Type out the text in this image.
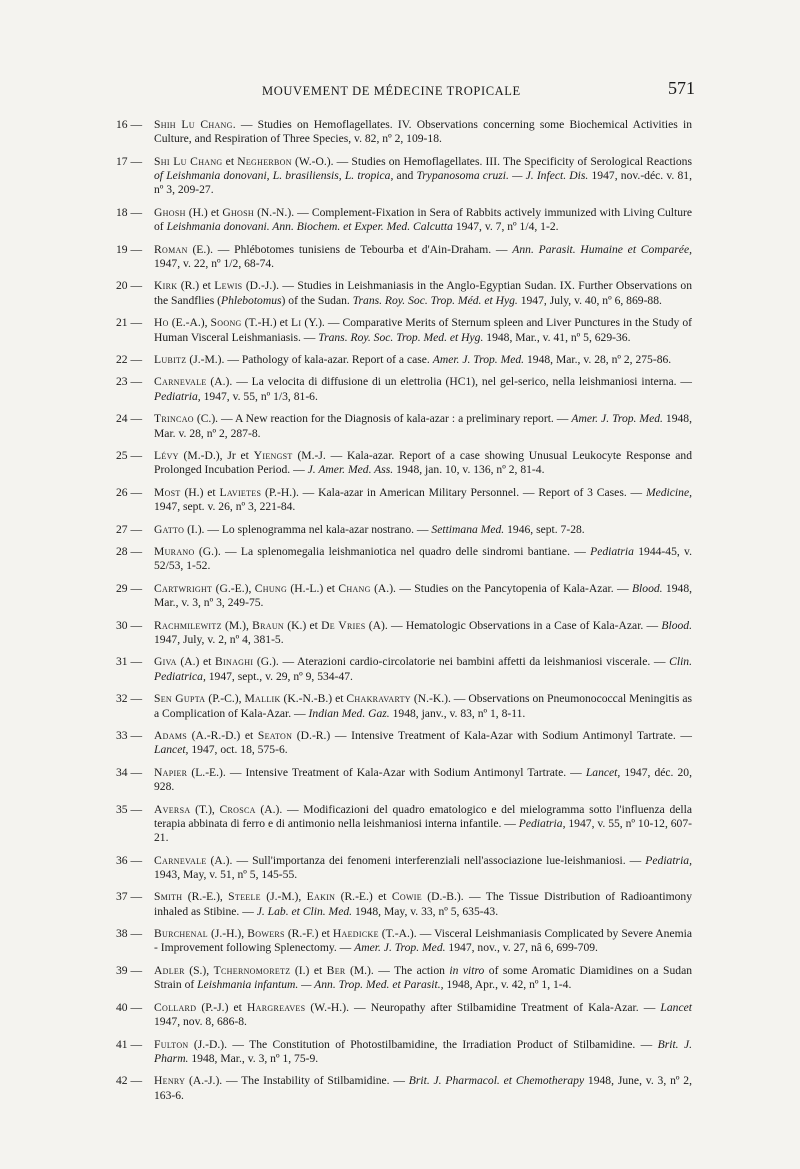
MOUVEMENT DE MÉDECINE TROPICALE	571
16 —	Shih Lu Chang. — Studies on Hemoflagellates. IV. Observations concerning some Biochemical Activities in Culture, and Respiration of Three Species, v. 82, nº 2, 109-18.
17 —	Shi Lu Chang et Negherbon (W.-O.). — Studies on Hemoflagellates. III. The Specificity of Serological Reactions of Leishmania donovani, L. brasiliensis, L. tropica, and Trypanosoma cruzi. — J. Infect. Dis. 1947, nov.-déc. v. 81, nº 3, 209-27.
18 —	Ghosh (H.) et Ghosh (N.-N.). — Complement-Fixation in Sera of Rabbits actively immunized with Living Culture of Leishmania donovani. Ann. Biochem. et Exper. Med. Calcutta 1947, v. 7, nº 1/4, 1-2.
19 —	Roman (E.). — Phlébotomes tunisiens de Tebourba et d'Ain-Draham. — Ann. Parasit. Humaine et Comparée, 1947, v. 22, nº 1/2, 68-74.
20 —	Kirk (R.) et Lewis (D.-J.). — Studies in Leishmaniasis in the Anglo-Egyptian Sudan. IX. Further Observations on the Sandflies (Phlebotomus) of the Sudan. Trans. Roy. Soc. Trop. Méd. et Hyg. 1947, July, v. 40, nº 6, 869-88.
21 —	Ho (E.-A.), Soong (T.-H.) et Li (Y.). — Comparative Merits of Sternum spleen and Liver Punctures in the Study of Human Visceral Leishmaniasis. — Trans. Roy. Soc. Trop. Med. et Hyg. 1948, Mar., v. 41, nº 5, 629-36.
22 —	Lubitz (J.-M.). — Pathology of kala-azar. Report of a case. Amer. J. Trop. Med. 1948, Mar., v. 28, nº 2, 275-86.
23 —	Carnevale (A.). — La velocita di diffusione di un elettrolia (HC1), nel gel-serico, nella leishmaniosi interna. — Pediatria, 1947, v. 55, nº 1/3, 81-6.
24 —	Trincao (C.). — A New reaction for the Diagnosis of kala-azar : a preliminary report. — Amer. J. Trop. Med. 1948, Mar. v. 28, nº 2, 287-8.
25 —	Lévy (M.-D.), Jr et Yiengst (M.-J. — Kala-azar. Report of a case showing Unusual Leukocyte Response and Prolonged Incubation Period. — J. Amer. Med. Ass. 1948, jan. 10, v. 136, nº 2, 81-4.
26 —	Most (H.) et Lavietes (P.-H.). — Kala-azar in American Military Personnel. — Report of 3 Cases. — Medicine, 1947, sept. v. 26, nº 3, 221-84.
27 —	Gatto (I.). — Lo splenogramma nel kala-azar nostrano. — Settimana Med. 1946, sept. 7-28.
28 —	Murano (G.). — La splenomegalia leishmaniotica nel quadro delle sindromi bantiane. — Pediatria 1944-45, v. 52/53, 1-52.
29 —	Cartwright (G.-E.), Chung (H.-L.) et Chang (A.). — Studies on the Pancytopenia of Kala-Azar. — Blood. 1948, Mar., v. 3, nº 3, 249-75.
30 —	Rachmilewitz (M.), Braun (K.) et De Vries (A). — Hematologic Observations in a Case of Kala-Azar. — Blood. 1947, July, v. 2, nº 4, 381-5.
31 —	Giva (A.) et Binaghi (G.). — Aterazioni cardio-circolatorie nei bambini affetti da leishmaniosi viscerale. — Clin. Pediatrica, 1947, sept., v. 29, nº 9, 534-47.
32 —	Sen Gupta (P.-C.), Mallik (K.-N.-B.) et Chakravarty (N.-K.). — Observations on Pneumonococcal Meningitis as a Complication of Kala-Azar. — Indian Med. Gaz. 1948, janv., v. 83, nº 1, 8-11.
33 —	Adams (A.-R.-D.) et Seaton (D.-R.) — Intensive Treatment of Kala-Azar with Sodium Antimonyl Tartrate. — Lancet, 1947, oct. 18, 575-6.
34 —	Napier (L.-E.). — Intensive Treatment of Kala-Azar with Sodium Antimonyl Tartrate. — Lancet, 1947, déc. 20, 928.
35 —	Aversa (T.), Crosca (A.). — Modificazioni del quadro ematologico e del mielogramma sotto l'influenza della terapia abbinata di ferro e di antimonio nella leishmaniosi interna infantile. — Pediatria, 1947, v. 55, nº 10-12, 607-21.
36 —	Carnevale (A.). — Sull'importanza dei fenomeni interferenziali nell'associazione lue-leishmaniosi. — Pediatria, 1943, May, v. 51, nº 5, 145-55.
37 —	Smith (R.-E.), Steele (J.-M.), Eakin (R.-E.) et Cowie (D.-B.). — The Tissue Distribution of Radioantimony inhaled as Stibine. — J. Lab. et Clin. Med. 1948, May, v. 33, nº 5, 635-43.
38 —	Burchenal (J.-H.), Bowers (R.-F.) et Haedicke (T.-A.). — Visceral Leishmaniasis Complicated by Severe Anemia - Improvement following Splenectomy. — Amer. J. Trop. Med. 1947, nov., v. 27, nâ 6, 699-709.
39 —	Adler (S.), Tchernomoretz (I.) et Ber (M.). — The action in vitro of some Aromatic Diamidines on a Sudan Strain of Leishmania infantum. — Ann. Trop. Med. et Parasit., 1948, Apr., v. 42, nº 1, 1-4.
40 —	Collard (P.-J.) et Hargreaves (W.-H.). — Neuropathy after Stilbamidine Treatment of Kala-Azar. — Lancet 1947, nov. 8, 686-8.
41 —	Fulton (J.-D.). — The Constitution of Photostilbamidine, the Irradiation Product of Stilbamidine. — Brit. J. Pharm. 1948, Mar., v. 3, nº 1, 75-9.
42 —	Henry (A.-J.). — The Instability of Stilbamidine. — Brit. J. Pharmacol. et Chemotherapy 1948, June, v. 3, nº 2, 163-6.
